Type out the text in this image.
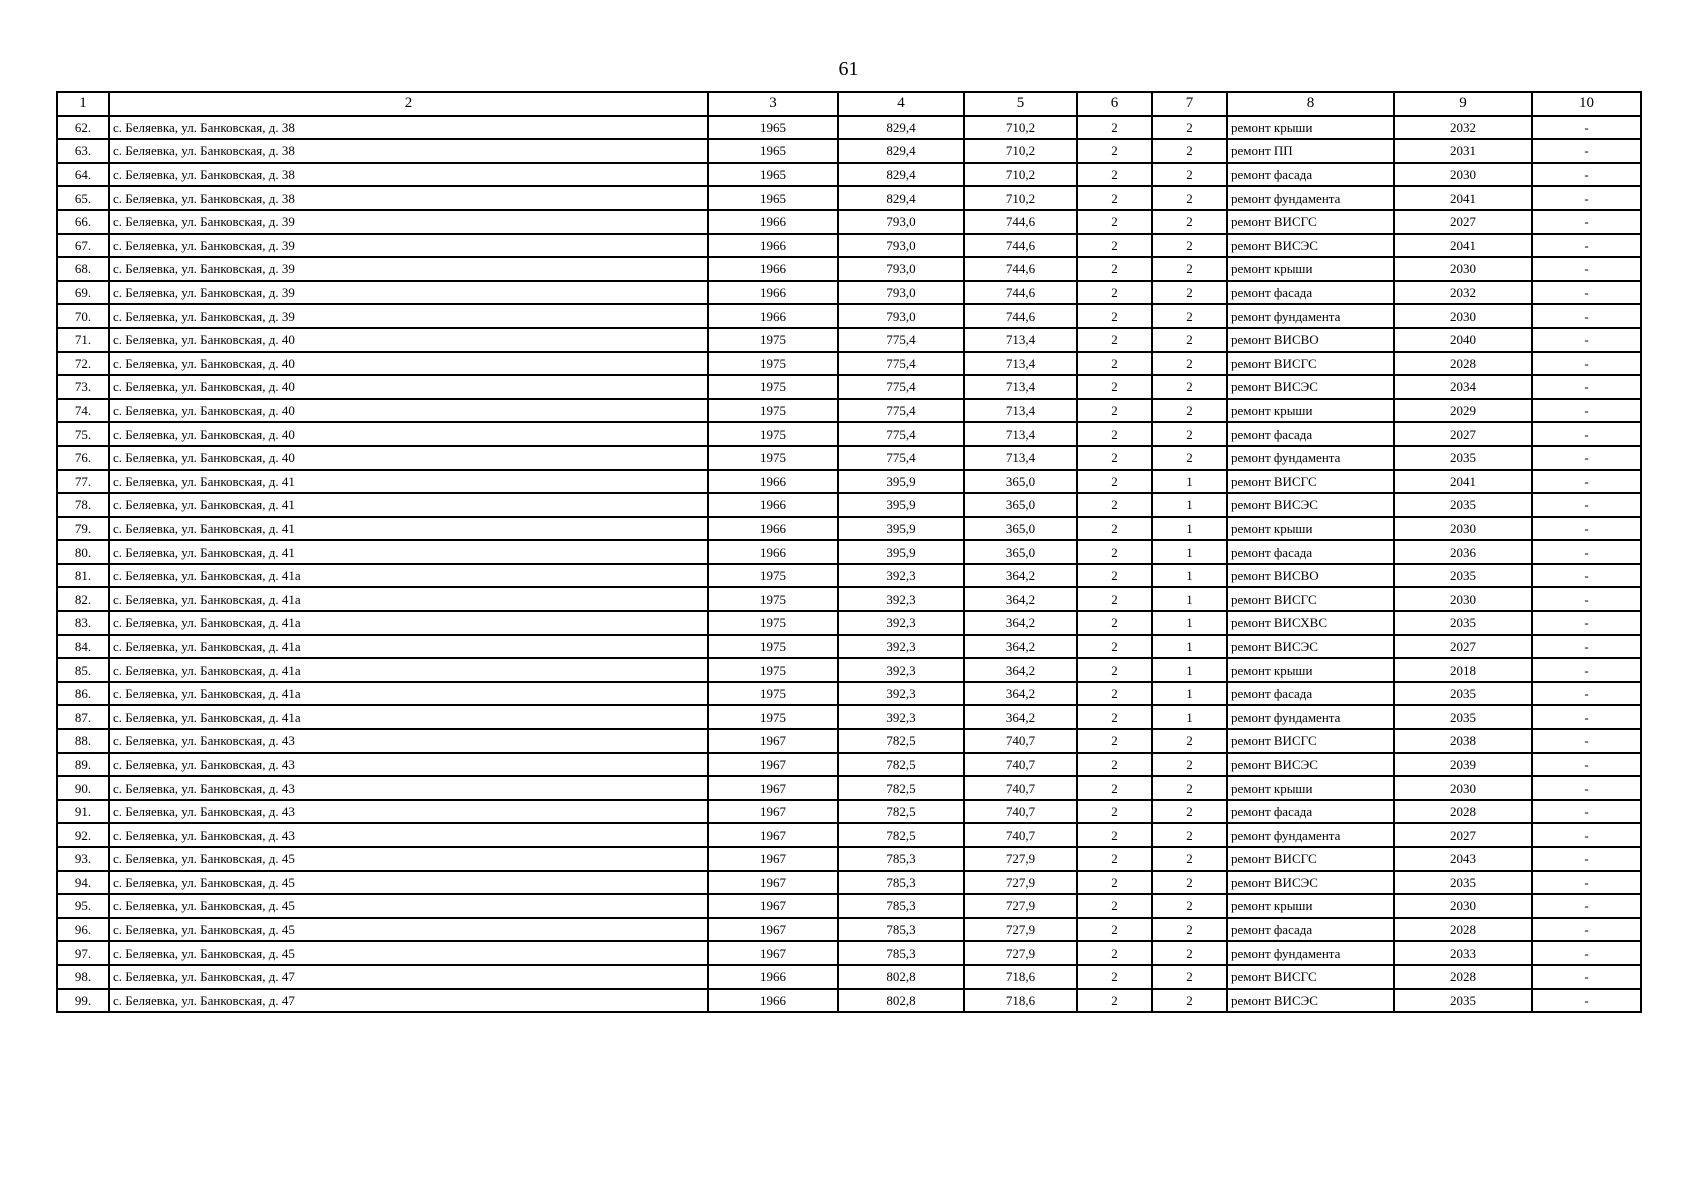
61
1	2	3	4	5	6	7	8	9	10
62.	с. Беляевка, ул. Банковская, д. 38	1965	829,4	710,2	2	2	ремонт крыши	2032	-
63.	с. Беляевка, ул. Банковская, д. 38	1965	829,4	710,2	2	2	ремонт ПП	2031	-
64.	с. Беляевка, ул. Банковская, д. 38	1965	829,4	710,2	2	2	ремонт фасада	2030	-
65.	с. Беляевка, ул. Банковская, д. 38	1965	829,4	710,2	2	2	ремонт фундамента	2041	-
66.	с. Беляевка, ул. Банковская, д. 39	1966	793,0	744,6	2	2	ремонт ВИСГС	2027	-
67.	с. Беляевка, ул. Банковская, д. 39	1966	793,0	744,6	2	2	ремонт ВИСЭС	2041	-
68.	с. Беляевка, ул. Банковская, д. 39	1966	793,0	744,6	2	2	ремонт крыши	2030	-
69.	с. Беляевка, ул. Банковская, д. 39	1966	793,0	744,6	2	2	ремонт фасада	2032	-
70.	с. Беляевка, ул. Банковская, д. 39	1966	793,0	744,6	2	2	ремонт фундамента	2030	-
71.	с. Беляевка, ул. Банковская, д. 40	1975	775,4	713,4	2	2	ремонт ВИСВО	2040	-
72.	с. Беляевка, ул. Банковская, д. 40	1975	775,4	713,4	2	2	ремонт ВИСГС	2028	-
73.	с. Беляевка, ул. Банковская, д. 40	1975	775,4	713,4	2	2	ремонт ВИСЭС	2034	-
74.	с. Беляевка, ул. Банковская, д. 40	1975	775,4	713,4	2	2	ремонт крыши	2029	-
75.	с. Беляевка, ул. Банковская, д. 40	1975	775,4	713,4	2	2	ремонт фасада	2027	-
76.	с. Беляевка, ул. Банковская, д. 40	1975	775,4	713,4	2	2	ремонт фундамента	2035	-
77.	с. Беляевка, ул. Банковская, д. 41	1966	395,9	365,0	2	1	ремонт ВИСГС	2041	-
78.	с. Беляевка, ул. Банковская, д. 41	1966	395,9	365,0	2	1	ремонт ВИСЭС	2035	-
79.	с. Беляевка, ул. Банковская, д. 41	1966	395,9	365,0	2	1	ремонт крыши	2030	-
80.	с. Беляевка, ул. Банковская, д. 41	1966	395,9	365,0	2	1	ремонт фасада	2036	-
81.	с. Беляевка, ул. Банковская, д. 41а	1975	392,3	364,2	2	1	ремонт ВИСВО	2035	-
82.	с. Беляевка, ул. Банковская, д. 41а	1975	392,3	364,2	2	1	ремонт ВИСГС	2030	-
83.	с. Беляевка, ул. Банковская, д. 41а	1975	392,3	364,2	2	1	ремонт ВИСХВС	2035	-
84.	с. Беляевка, ул. Банковская, д. 41а	1975	392,3	364,2	2	1	ремонт ВИСЭС	2027	-
85.	с. Беляевка, ул. Банковская, д. 41а	1975	392,3	364,2	2	1	ремонт крыши	2018	-
86.	с. Беляевка, ул. Банковская, д. 41а	1975	392,3	364,2	2	1	ремонт фасада	2035	-
87.	с. Беляевка, ул. Банковская, д. 41а	1975	392,3	364,2	2	1	ремонт фундамента	2035	-
88.	с. Беляевка, ул. Банковская, д. 43	1967	782,5	740,7	2	2	ремонт ВИСГС	2038	-
89.	с. Беляевка, ул. Банковская, д. 43	1967	782,5	740,7	2	2	ремонт ВИСЭС	2039	-
90.	с. Беляевка, ул. Банковская, д. 43	1967	782,5	740,7	2	2	ремонт крыши	2030	-
91.	с. Беляевка, ул. Банковская, д. 43	1967	782,5	740,7	2	2	ремонт фасада	2028	-
92.	с. Беляевка, ул. Банковская, д. 43	1967	782,5	740,7	2	2	ремонт фундамента	2027	-
93.	с. Беляевка, ул. Банковская, д. 45	1967	785,3	727,9	2	2	ремонт ВИСГС	2043	-
94.	с. Беляевка, ул. Банковская, д. 45	1967	785,3	727,9	2	2	ремонт ВИСЭС	2035	-
95.	с. Беляевка, ул. Банковская, д. 45	1967	785,3	727,9	2	2	ремонт крыши	2030	-
96.	с. Беляевка, ул. Банковская, д. 45	1967	785,3	727,9	2	2	ремонт фасада	2028	-
97.	с. Беляевка, ул. Банковская, д. 45	1967	785,3	727,9	2	2	ремонт фундамента	2033	-
98.	с. Беляевка, ул. Банковская, д. 47	1966	802,8	718,6	2	2	ремонт ВИСГС	2028	-
99.	с. Беляевка, ул. Банковская, д. 47	1966	802,8	718,6	2	2	ремонт ВИСЭС	2035	-
